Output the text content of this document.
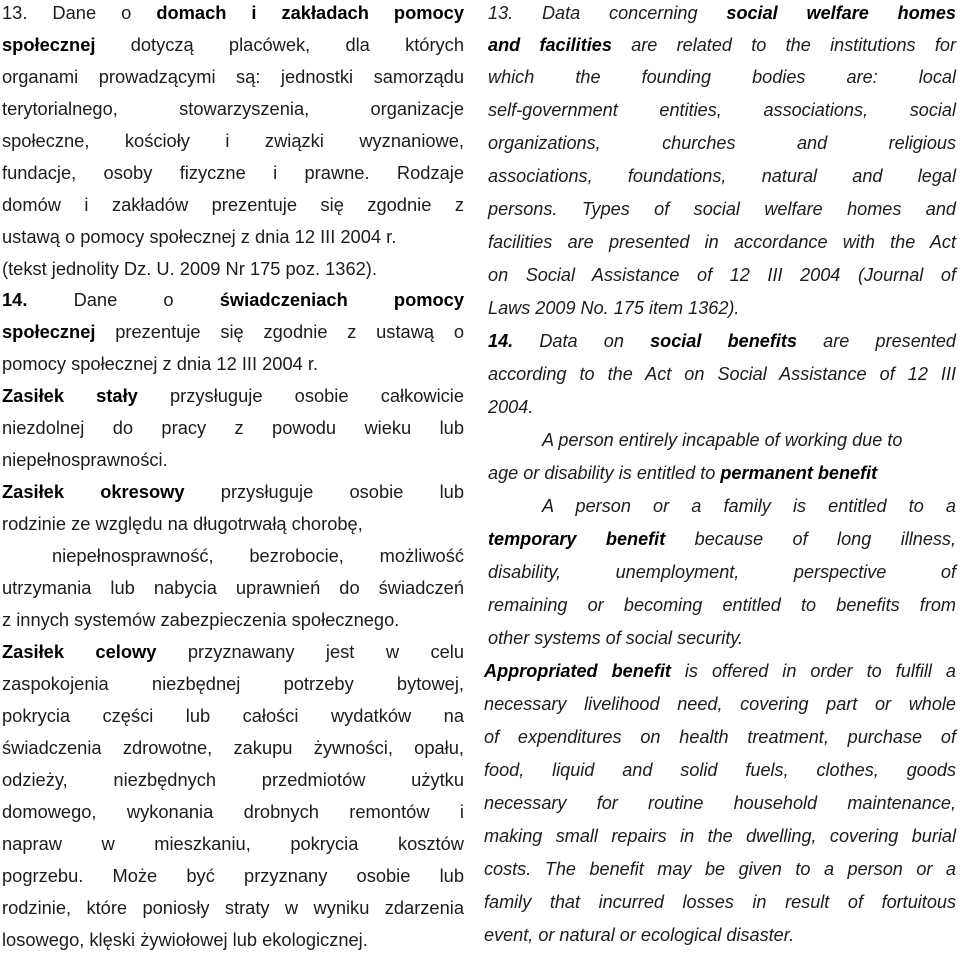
13. Dane o domach i zakładach pomocy
społecznej dotyczą placówek, dla których
organami prowadzącymi są: jednostki samorządu
terytorialnego, stowarzyszenia, organizacje
społeczne, kościoły i związki wyznaniowe,
fundacje, osoby fizyczne i prawne. Rodzaje
domów i zakładów prezentuje się zgodnie z
ustawą o pomocy społecznej z dnia 12 III 2004 r.
(tekst jednolity Dz. U. 2009 Nr 175 poz. 1362).
14. Dane o świadczeniach pomocy
społecznej prezentuje się zgodnie z ustawą o
pomocy społecznej z dnia 12 III 2004 r.
Zasiłek stały przysługuje osobie całkowicie
niezdolnej do pracy z powodu wieku lub
niepełnosprawności.
Zasiłek okresowy przysługuje osobie lub
rodzinie ze względu na długotrwałą chorobę,
niepełnosprawność, bezrobocie, możliwość
utrzymania lub nabycia uprawnień do świadczeń
z innych systemów zabezpieczenia społecznego.
Zasiłek celowy przyznawany jest w celu
zaspokojenia niezbędnej potrzeby bytowej,
pokrycia części lub całości wydatków na
świadczenia zdrowotne, zakupu żywności, opału,
odzieży, niezbędnych przedmiotów użytku
domowego, wykonania drobnych remontów i
napraw w mieszkaniu, pokrycia kosztów
pogrzebu. Może być przyznany osobie lub
rodzinie, które poniosły straty w wyniku zdarzenia
losowego, klęski żywiołowej lub ekologicznej.
13. Data concerning social welfare homes
and facilities are related to the institutions for
which the founding bodies are: local
self-government entities, associations, social
organizations, churches and religious
associations, foundations, natural and legal
persons. Types of social welfare homes and
facilities are presented in accordance with the Act
on Social Assistance of 12 III 2004 (Journal of
Laws 2009 No. 175 item 1362).
14. Data on social benefits are presented
according to the Act on Social Assistance of 12 III
2004.
A person entirely incapable of working due to
age or disability is entitled to permanent benefit
A person or a family is entitled to a
temporary benefit because of long illness,
disability, unemployment, perspective of
remaining or becoming entitled to benefits from
other systems of social security.
Appropriated benefit is offered in order to fulfill a
necessary livelihood need, covering part or whole
of expenditures on health treatment, purchase of
food, liquid and solid fuels, clothes, goods
necessary for routine household maintenance,
making small repairs in the dwelling, covering burial
costs. The benefit may be given to a person or a
family that incurred losses in result of fortuitous
event, or natural or ecological disaster.
